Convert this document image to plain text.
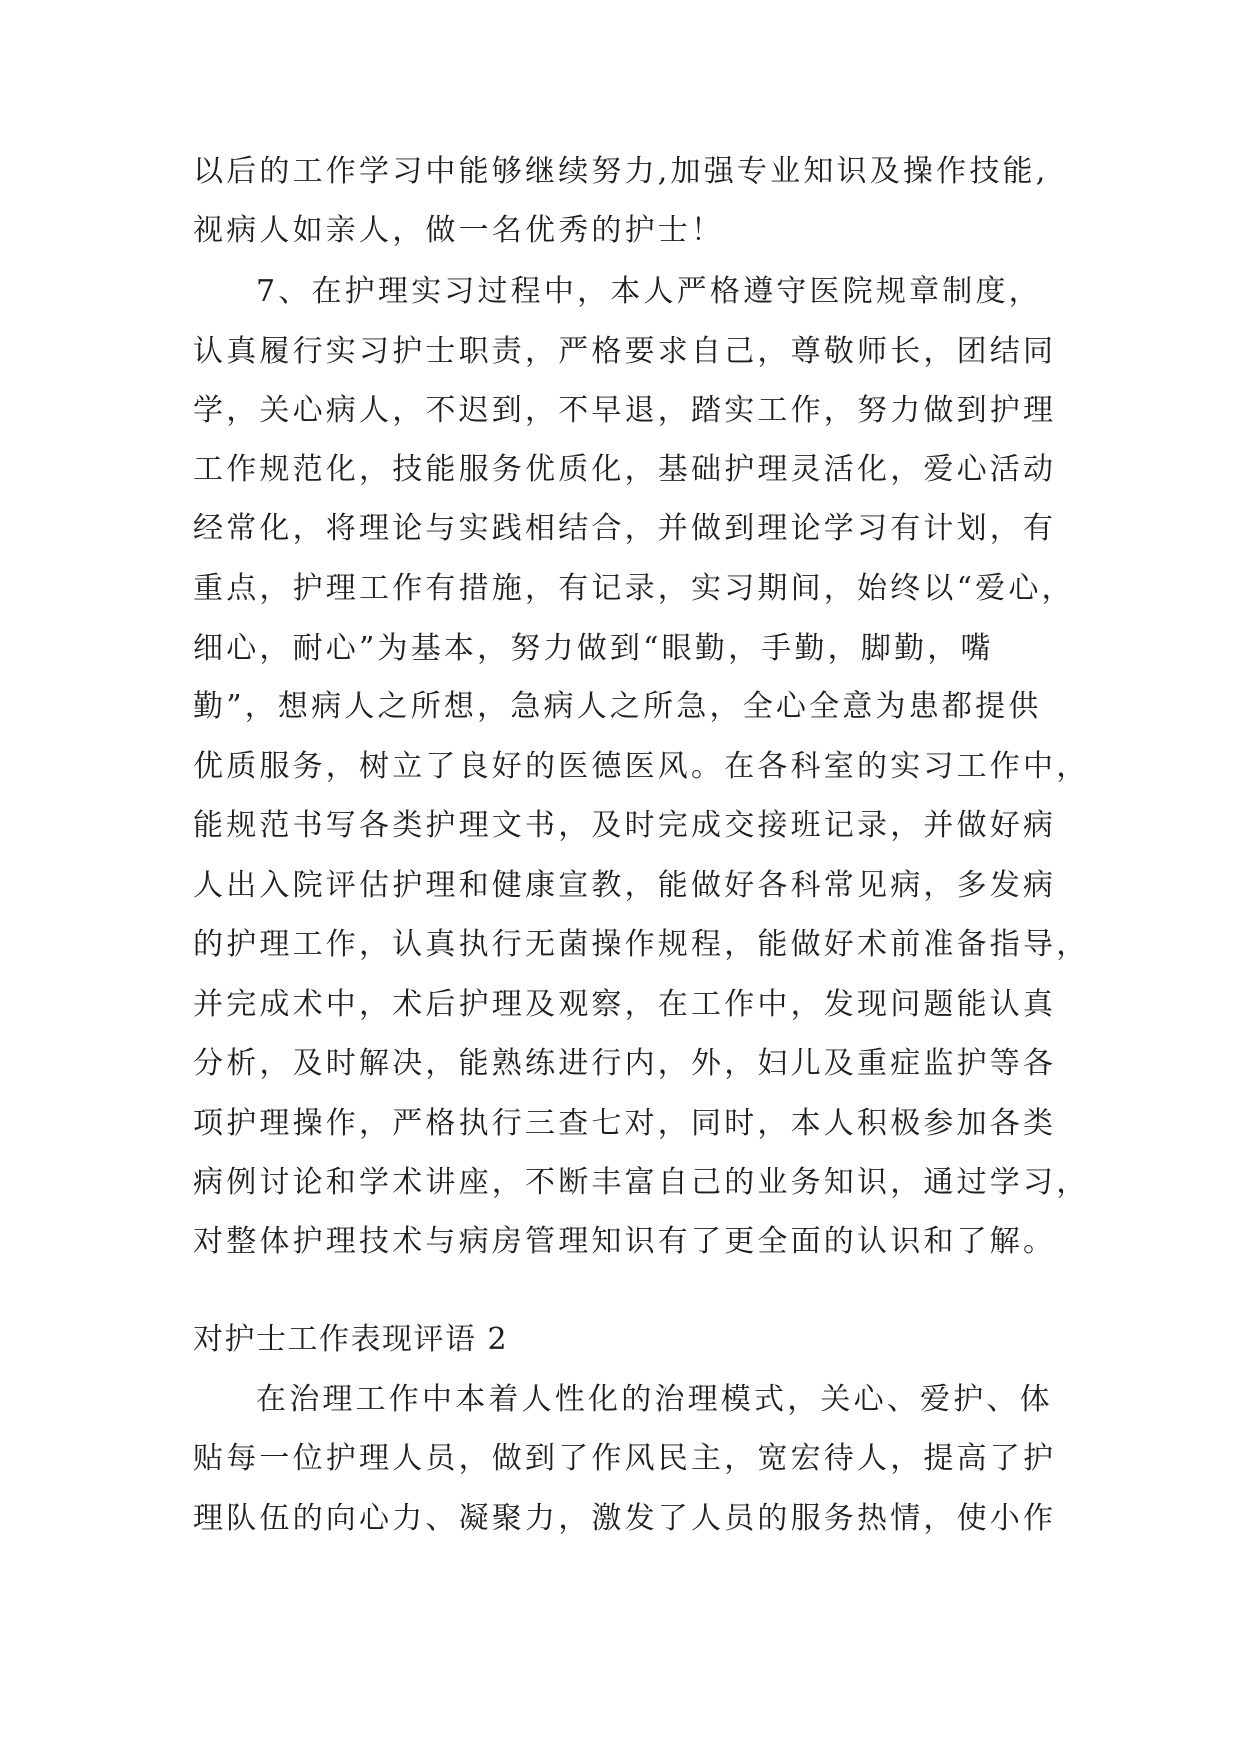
以后的工作学习中能够继续努力,加强专业知识及操作技能,
视病人如亲人，做一名优秀的护士！
7、在护理实习过程中，本人严格遵守医院规章制度，
认真履行实习护士职责，严格要求自己，尊敬师长，团结同
学，关心病人，不迟到，不早退，踏实工作，努力做到护理
工作规范化，技能服务优质化，基础护理灵活化，爱心活动
经常化，将理论与实践相结合，并做到理论学习有计划，有
重点，护理工作有措施，有记录，实习期间，始终以“爱心，
细心，耐心”为基本，努力做到“眼勤，手勤，脚勤，嘴
勤”，想病人之所想，急病人之所急，全心全意为患都提供
优质服务，树立了良好的医德医风。在各科室的实习工作中，
能规范书写各类护理文书，及时完成交接班记录，并做好病
人出入院评估护理和健康宣教，能做好各科常见病，多发病
的护理工作，认真执行无菌操作规程，能做好术前准备指导，
并完成术中，术后护理及观察，在工作中，发现问题能认真
分析，及时解决，能熟练进行内，外，妇儿及重症监护等各
项护理操作，严格执行三查七对，同时，本人积极参加各类
病例讨论和学术讲座，不断丰富自己的业务知识，通过学习，
对整体护理技术与病房管理知识有了更全面的认识和了解。
对护士工作表现评语 2
在治理工作中本着人性化的治理模式，关心、爱护、体
贴每一位护理人员，做到了作风民主，宽宏待人，提高了护
理队伍的向心力、凝聚力，激发了人员的服务热情，使小作
